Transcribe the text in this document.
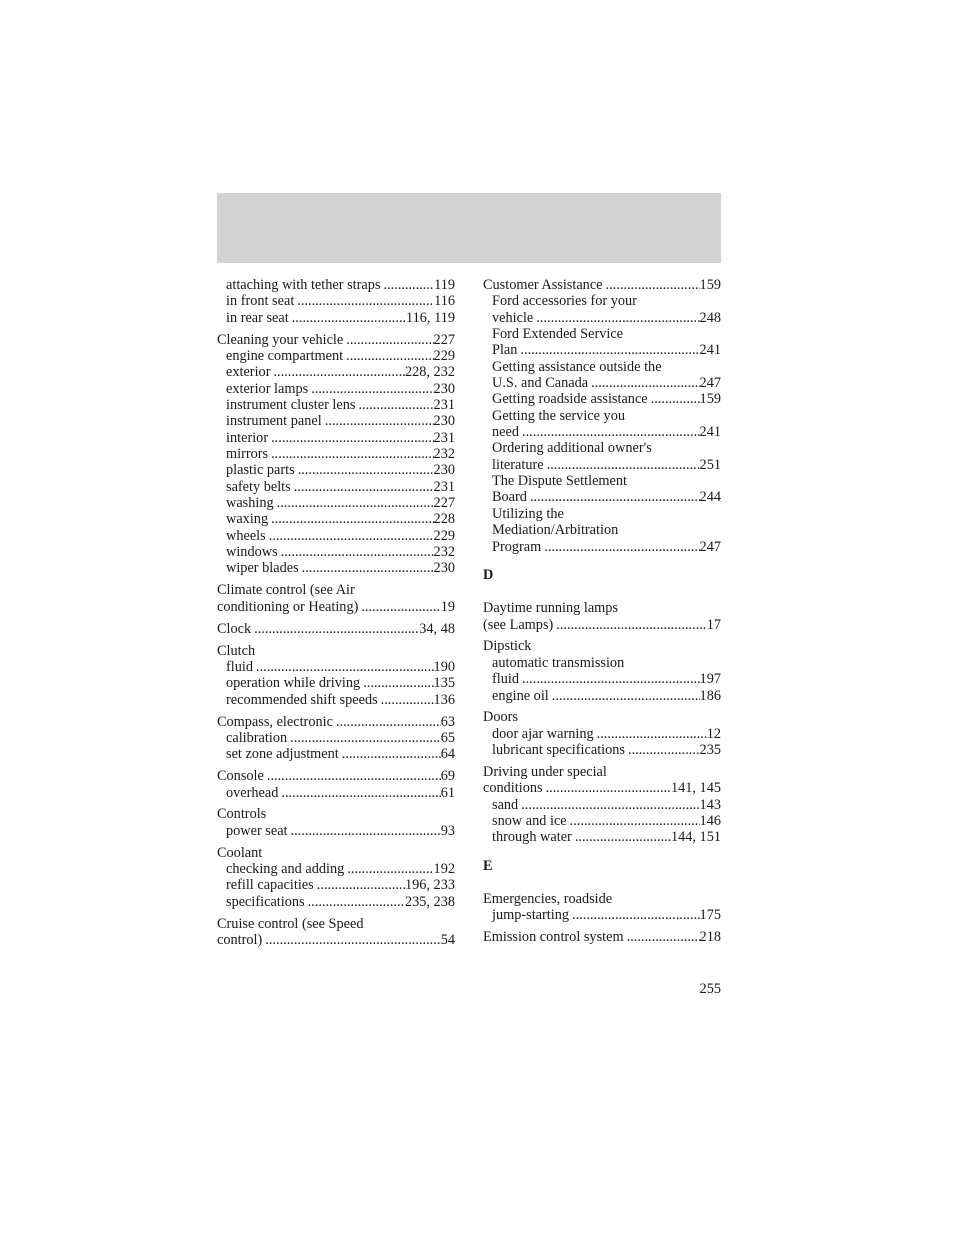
attaching with tether straps .....	119
in front seat .....	116
in rear seat .....	116, 119
Cleaning your vehicle .....	227
engine compartment .....	229
exterior .....	228, 232
exterior lamps .....	230
instrument cluster lens .....	231
instrument panel .....	230
interior .....	231
mirrors .....	232
plastic parts .....	230
safety belts .....	231
washing .....	227
waxing .....	228
wheels .....	229
windows .....	232
wiper blades .....	230
Climate control (see Air
conditioning or Heating) .....	19
Clock .....	34, 48
Clutch
fluid .....	190
operation while driving .....	135
recommended shift speeds .....	136
Compass, electronic .....	63
calibration .....	65
set zone adjustment .....	64
Console .....	69
overhead .....	61
Controls
power seat .....	93
Coolant
checking and adding .....	192
refill capacities .....	196, 233
specifications .....	235, 238
Cruise control (see Speed
control) .....	54
Customer Assistance .....	159
Ford accessories for your
vehicle .....	248
Ford Extended Service
Plan .....	241
Getting assistance outside the
U.S. and Canada .....	247
Getting roadside assistance .....	159
Getting the service you
need .....	241
Ordering additional owner's
literature .....	251
The Dispute Settlement
Board .....	244
Utilizing the
Mediation/Arbitration
Program .....	247
D
Daytime running lamps
(see Lamps) .....	17
Dipstick
automatic transmission
fluid .....	197
engine oil .....	186
Doors
door ajar warning .....	12
lubricant specifications .....	235
Driving under special
conditions .....	141, 145
sand .....	143
snow and ice .....	146
through water .....	144, 151
E
Emergencies, roadside
jump-starting .....	175
Emission control system .....	218
255
